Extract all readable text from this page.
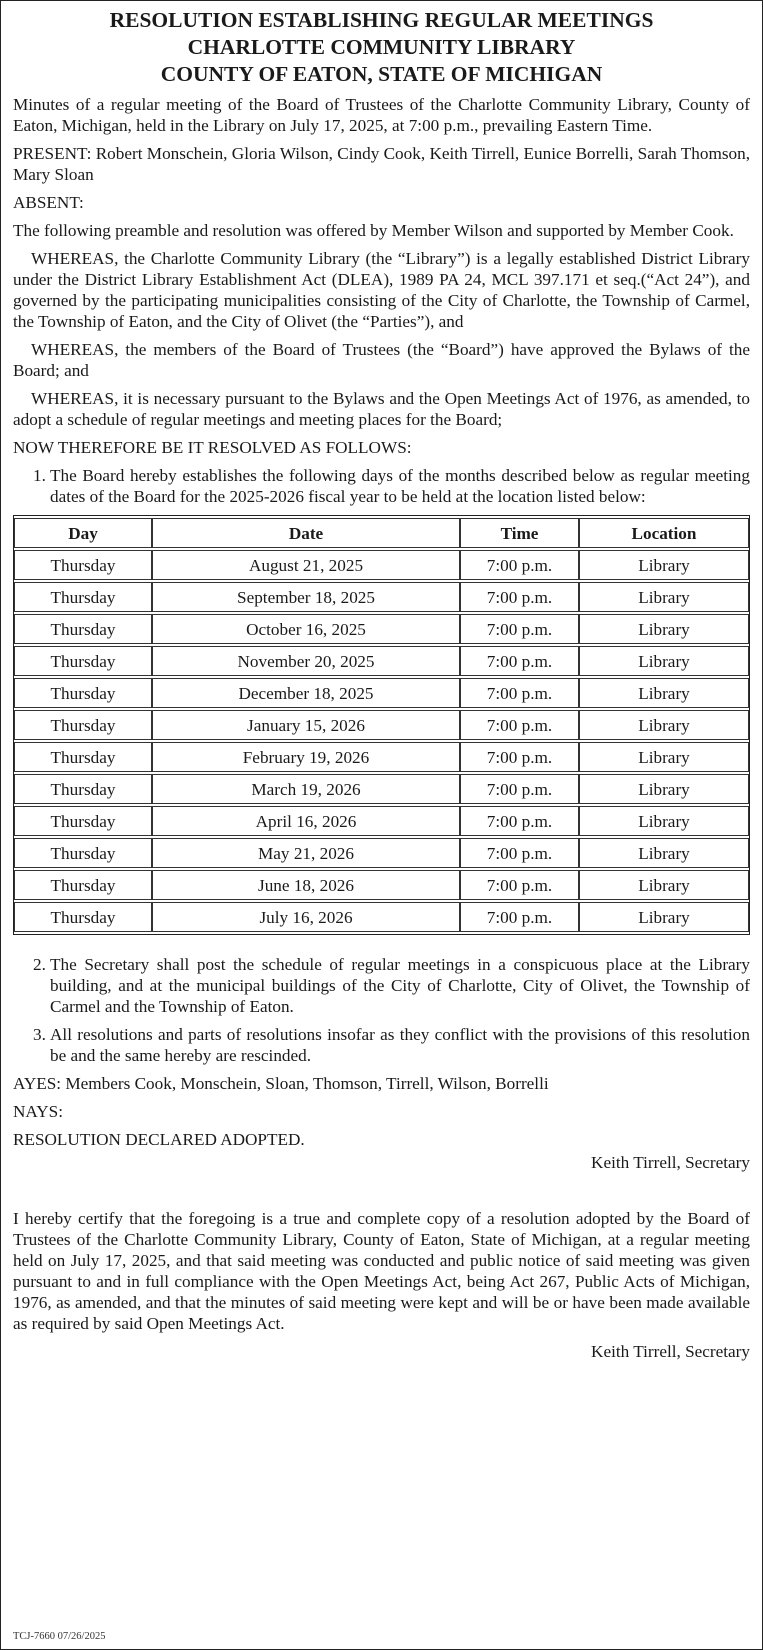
RESOLUTION ESTABLISHING REGULAR MEETINGS
CHARLOTTE COMMUNITY LIBRARY
COUNTY OF EATON, STATE OF MICHIGAN

Minutes of a regular meeting of the Board of Trustees of the Charlotte Community Library, County of Eaton, Michigan, held in the Library on July 17, 2025, at 7:00 p.m., prevailing Eastern Time.

PRESENT: Robert Monschein, Gloria Wilson, Cindy Cook, Keith Tirrell, Eunice Borrelli, Sarah Thomson, Mary Sloan

ABSENT:

The following preamble and resolution was offered by Member Wilson and supported by Member Cook.

WHEREAS, the Charlotte Community Library (the “Library”) is a legally established District Library under the District Library Establishment Act (DLEA), 1989 PA 24, MCL 397.171 et seq.(“Act 24”), and governed by the participating municipalities consisting of the City of Charlotte, the Township of Carmel, the Township of Eaton, and the City of Olivet (the “Parties”), and

WHEREAS, the members of the Board of Trustees (the “Board”) have approved the Bylaws of the Board; and

WHEREAS, it is necessary pursuant to the Bylaws and the Open Meetings Act of 1976, as amended, to adopt a schedule of regular meetings and meeting places for the Board;

NOW THEREFORE BE IT RESOLVED AS FOLLOWS:

1. The Board hereby establishes the following days of the months described below as regular meeting dates of the Board for the 2025-2026 fiscal year to be held at the location listed below:
Day	Date	Time	Location
Thursday	August 21, 2025	7:00 p.m.	Library
Thursday	September 18, 2025	7:00 p.m.	Library
Thursday	October 16, 2025	7:00 p.m.	Library
Thursday	November 20, 2025	7:00 p.m.	Library
Thursday	December 18, 2025	7:00 p.m.	Library
Thursday	January 15, 2026	7:00 p.m.	Library
Thursday	February 19, 2026	7:00 p.m.	Library
Thursday	March 19, 2026	7:00 p.m.	Library
Thursday	April 16, 2026	7:00 p.m.	Library
Thursday	May 21, 2026	7:00 p.m.	Library
Thursday	June 18, 2026	7:00 p.m.	Library
Thursday	July 16, 2026	7:00 p.m.	Library
2. The Secretary shall post the schedule of regular meetings in a conspicuous place at the Library building, and at the municipal buildings of the City of Charlotte, City of Olivet, the Township of Carmel and the Township of Eaton.
3. All resolutions and parts of resolutions insofar as they conflict with the provisions of this resolution be and the same hereby are rescinded.

AYES: Members Cook, Monschein, Sloan, Thomson, Tirrell, Wilson, Borrelli

NAYS:

RESOLUTION DECLARED ADOPTED.

Keith Tirrell, Secretary

I hereby certify that the foregoing is a true and complete copy of a resolution adopted by the Board of Trustees of the Charlotte Community Library, County of Eaton, State of Michigan, at a regular meeting held on July 17, 2025, and that said meeting was conducted and public notice of said meeting was given pursuant to and in full compliance with the Open Meetings Act, being Act 267, Public Acts of Michigan, 1976, as amended, and that the minutes of said meeting were kept and will be or have been made available as required by said Open Meetings Act.

Keith Tirrell, Secretary
TCJ-7660 07/26/2025
